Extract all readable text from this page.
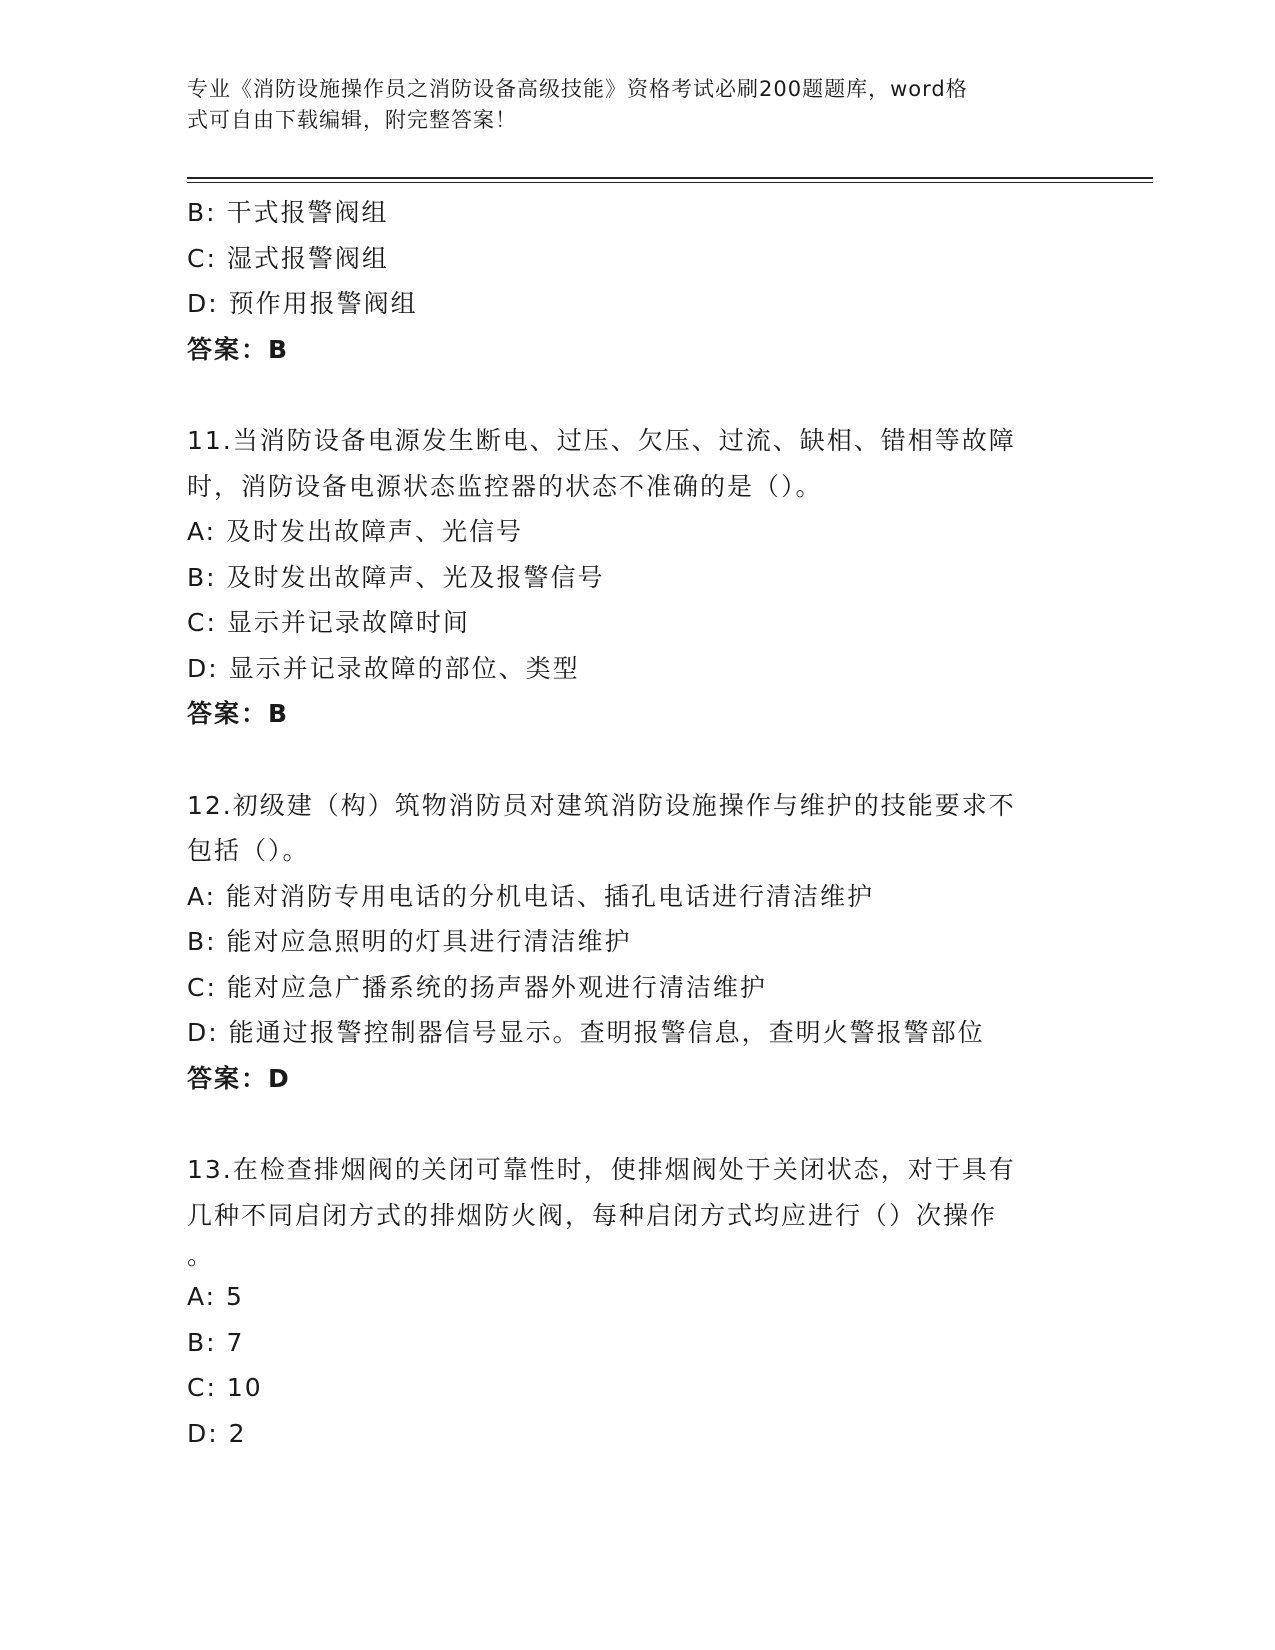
专业《消防设施操作员之消防设备高级技能》资格考试必刷200题题库，word格
式可自由下载编辑，附完整答案！
B: 干式报警阀组
C: 湿式报警阀组
D: 预作用报警阀组
答案：B
11.当消防设备电源发生断电、过压、欠压、过流、缺相、错相等故障
时，消防设备电源状态监控器的状态不准确的是（）。
A: 及时发出故障声、光信号
B: 及时发出故障声、光及报警信号
C: 显示并记录故障时间
D: 显示并记录故障的部位、类型
答案：B
12.初级建（构）筑物消防员对建筑消防设施操作与维护的技能要求不
包括（）。
A: 能对消防专用电话的分机电话、插孔电话进行清洁维护
B: 能对应急照明的灯具进行清洁维护
C: 能对应急广播系统的扬声器外观进行清洁维护
D: 能通过报警控制器信号显示。查明报警信息，查明火警报警部位
答案：D
13.在检查排烟阀的关闭可靠性时，使排烟阀处于关闭状态，对于具有
几种不同启闭方式的排烟防火阀，每种启闭方式均应进行（）次操作
。
A: 5
B: 7
C: 10
D: 2
